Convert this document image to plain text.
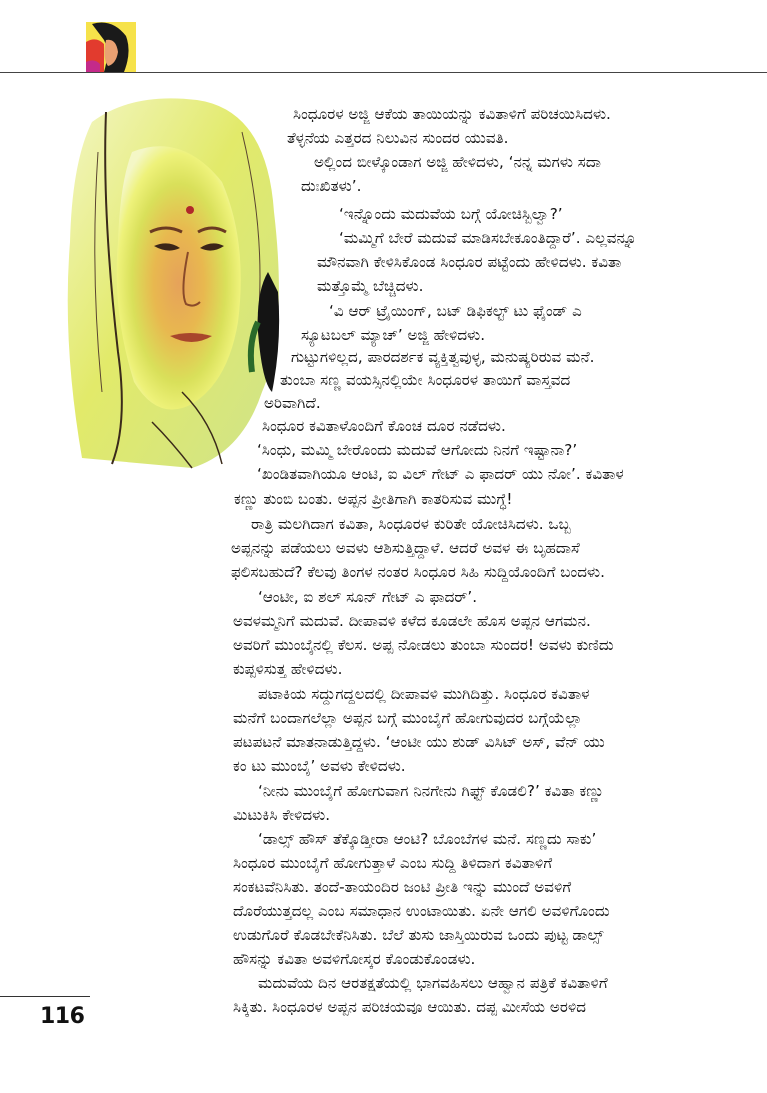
ಸಿಂಧೂರಳ ಅಜ್ಜಿ ಆಕೆಯ ತಾಯಿಯನ್ನು ಕವಿತಾಳಿಗೆ ಪರಿಚಯಿಸಿದಳು.
ತೆಳ್ಳನೆಯ ಎತ್ತರದ ನಿಲುವಿನ ಸುಂದರ ಯುವತಿ.
ಅಲ್ಲಿಂದ ಬೀಳ್ಕೊಂಡಾಗ ಅಜ್ಜಿ ಹೇಳಿದಳು, ‘ನನ್ನ ಮಗಳು ಸದಾ
ದುಃಖಿತಳು’.
‘ಇನ್ನೊಂದು ಮದುವೆಯ ಬಗ್ಗೆ ಯೋಚಿಸ್ಬಿಲ್ವಾ?’
‘ಮಮ್ಮಿಗೆ ಬೇರೆ ಮದುವೆ ಮಾಡಿಸಬೇಕೂಂತಿದ್ದಾರೆ’. ಎಲ್ಲವನ್ನೂ
ಮೌನವಾಗಿ ಕೇಳಿಸಿಕೊಂಡ ಸಿಂಧೂರ ಪಟ್ಟೆಂದು ಹೇಳಿದಳು. ಕವಿತಾ
ಮತ್ತೊಮ್ಮೆ ಬೆಚ್ಚಿದಳು.
‘ವಿ ಆರ್ ಟ್ರೈಯಿಂಗ್, ಬಟ್ ಡಿಫಿಕಲ್ಟ್ ಟು ಫೈಂಡ್ ಎ
ಸ್ಯೂಟಬಲ್ ಮ್ಯಾಚ್’ ಅಜ್ಜಿ ಹೇಳಿದಳು.
ಗುಟ್ಟುಗಳಿಲ್ಲದ, ಪಾರದರ್ಶಕ ವ್ಯಕ್ತಿತ್ವವುಳ್ಳ, ಮನುಷ್ಯರಿರುವ ಮನೆ.
ತುಂಬಾ ಸಣ್ಣ ವಯಸ್ಸಿನಲ್ಲಿಯೇ ಸಿಂಧೂರಳ ತಾಯಿಗೆ ವಾಸ್ತವದ
ಅರಿವಾಗಿದೆ.
ಸಿಂಧೂರ ಕವಿತಾಳೊಂದಿಗೆ ಕೊಂಚ ದೂರ ನಡೆದಳು.
‘ಸಿಂಧು, ಮಮ್ಮಿ ಬೇರೊಂದು ಮದುವೆ ಆಗೋದು ನಿನಗೆ ಇಷ್ಟಾನಾ?’
‘ಖಂಡಿತವಾಗಿಯೂ ಆಂಟಿ, ಐ ವಿಲ್ ಗೇಟ್ ಎ ಫಾದರ್ ಯು ನೋ’. ಕವಿತಾಳ
ಕಣ್ಣು ತುಂಬಿ ಬಂತು. ಅಪ್ಪನ ಪ್ರೀತಿಗಾಗಿ ಕಾತರಿಸುವ ಮುಗ್ಧೆ!
ರಾತ್ರಿ ಮಲಗಿದಾಗ ಕವಿತಾ, ಸಿಂಧೂರಳ ಕುರಿತೇ ಯೋಚಿಸಿದಳು. ಒಬ್ಬ
ಅಪ್ಪನನ್ನು ಪಡೆಯಲು ಅವಳು ಆಶಿಸುತ್ತಿದ್ದಾಳೆ. ಆದರೆ ಅವಳ ಈ ಬೃಹದಾಸೆ
ಫಲಿಸಬಹುದೆ? ಕೆಲವು ತಿಂಗಳ ನಂತರ ಸಿಂಧೂರ ಸಿಹಿ ಸುದ್ದಿಯೊಂದಿಗೆ ಬಂದಳು.
‘ಆಂಟೀ, ಐ ಶಲ್ ಸೂನ್ ಗೇಟ್ ಎ ಫಾದರ್’.
ಅವಳಮ್ಮನಿಗೆ ಮದುವೆ. ದೀಪಾವಳಿ ಕಳೆದ ಕೂಡಲೇ ಹೊಸ ಅಪ್ಪನ ಆಗಮನ.
ಅವರಿಗೆ ಮುಂಬೈನಲ್ಲಿ ಕೆಲಸ. ಅಪ್ಪ ನೋಡಲು ತುಂಬಾ ಸುಂದರ! ಅವಳು ಕುಣಿದು
ಕುಪ್ಪಳಿಸುತ್ತ ಹೇಳಿದಳು.
ಪಟಾಕಿಯ ಸದ್ದುಗದ್ದಲದಲ್ಲಿ ದೀಪಾವಳಿ ಮುಗಿದಿತ್ತು. ಸಿಂಧೂರ ಕವಿತಾಳ
ಮನೆಗೆ ಬಂದಾಗಲೆಲ್ಲಾ ಅಪ್ಪನ ಬಗ್ಗೆ ಮುಂಬೈಗೆ ಹೋಗುವುದರ ಬಗ್ಗೆಯೆಲ್ಲಾ
ಪಟಪಟನೆ ಮಾತನಾಡುತ್ತಿದ್ದಳು. ‘ಆಂಟೀ ಯು ಶುಡ್ ವಿಸಿಟ್ ಅಸ್, ವೆನ್ ಯು
ಕಂ ಟು ಮುಂಬೈ’ ಅವಳು ಕೇಳಿದಳು.
‘ನೀನು ಮುಂಬೈಗೆ ಹೋಗುವಾಗ ನಿನಗೇನು ಗಿಫ್ಟ್ ಕೊಡಲಿ?’ ಕವಿತಾ ಕಣ್ಣು
ಮಿಟುಕಿಸಿ ಕೇಳಿದಳು.
‘ಡಾಲ್ಸ್ ಹೌಸ್ ತೆಕ್ಕೊಡ್ತೀರಾ ಆಂಟಿ? ಬೊಂಬೆಗಳ ಮನೆ. ಸಣ್ಣದು ಸಾಕು’
ಸಿಂಧೂರ ಮುಂಬೈಗೆ ಹೋಗುತ್ತಾಳೆ ಎಂಬ ಸುದ್ದಿ ತಿಳಿದಾಗ ಕವಿತಾಳಿಗೆ
ಸಂಕಟವೆನಿಸಿತು. ತಂದೆ-ತಾಯಂದಿರ ಜಂಟಿ ಪ್ರೀತಿ ಇನ್ನು ಮುಂದೆ ಅವಳಿಗೆ
ದೊರೆಯುತ್ತದಲ್ಲ ಎಂಬ ಸಮಾಧಾನ ಉಂಟಾಯಿತು. ಏನೇ ಆಗಲಿ ಅವಳಿಗೊಂದು
ಉಡುಗೊರೆ ಕೊಡಬೇಕೆನಿಸಿತು. ಬೆಲೆ ತುಸು ಜಾಸ್ತಿಯಿರುವ ಒಂದು ಪುಟ್ಟ ಡಾಲ್ಸ್
ಹೌಸನ್ನು ಕವಿತಾ ಅವಳಿಗೋಸ್ಕರ ಕೊಂಡುಕೊಂಡಳು.
ಮದುವೆಯ ದಿನ ಆರತಕ್ಷತೆಯಲ್ಲಿ ಭಾಗವಹಿಸಲು ಆಹ್ವಾನ ಪತ್ರಿಕೆ ಕವಿತಾಳಿಗೆ
ಸಿಕ್ಕಿತು. ಸಿಂಧೂರಳ ಅಪ್ಪನ ಪರಿಚಯವೂ ಆಯಿತು. ದಪ್ಪ ಮೀಸೆಯ ಅರಳಿದ
116
